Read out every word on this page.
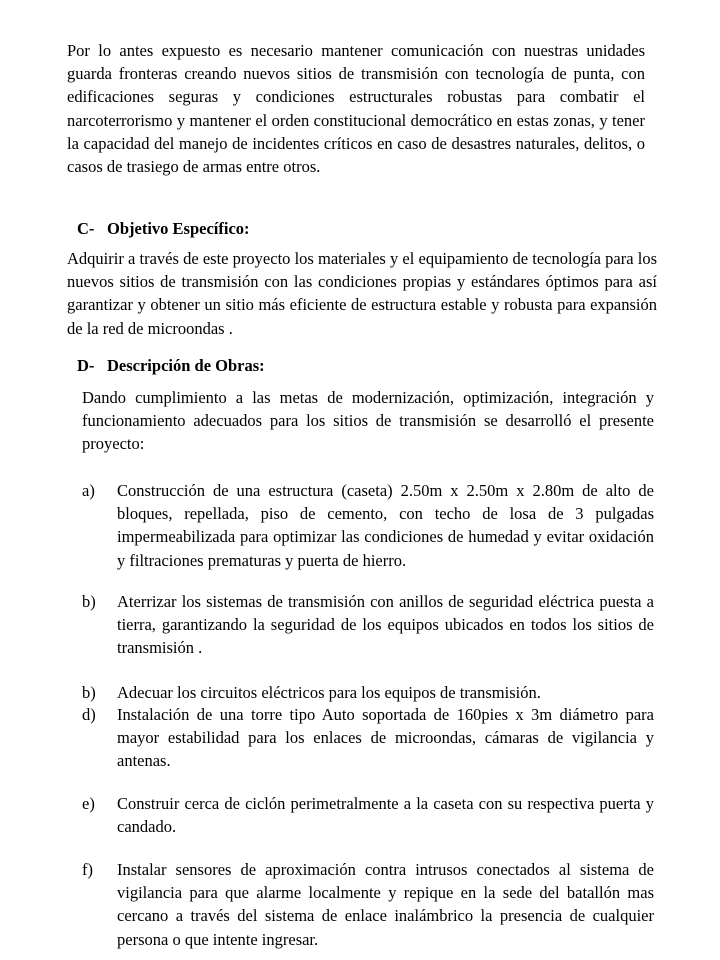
Por lo antes expuesto es necesario mantener comunicación con nuestras unidades guarda fronteras creando nuevos sitios de transmisión con tecnología de punta, con edificaciones seguras y condiciones estructurales robustas para combatir el narcoterrorismo y mantener el orden constitucional democrático en estas zonas, y tener la capacidad del manejo de incidentes críticos en caso de desastres naturales, delitos, o casos de trasiego de armas entre otros.

C- Objetivo Específico:

Adquirir a través de este proyecto los materiales y el equipamiento de tecnología para los nuevos sitios de transmisión con las condiciones propias y estándares óptimos para así garantizar y obtener un sitio más eficiente de estructura estable y robusta para expansión de la red de microondas .

D- Descripción de Obras:

Dando cumplimiento a las metas de modernización, optimización, integración y funcionamiento adecuados para los sitios de transmisión se desarrolló el presente proyecto:

a)	Construcción de una estructura (caseta) 2.50m x 2.50m x 2.80m de alto de bloques, repellada, piso de cemento, con techo de losa de 3 pulgadas impermeabilizada para optimizar las condiciones de humedad y evitar oxidación y filtraciones prematuras y puerta de hierro.
b)	Aterrizar los sistemas de transmisión con anillos de seguridad eléctrica puesta a tierra, garantizando la seguridad de los equipos ubicados en todos los sitios de transmisión .
b)	Adecuar los circuitos eléctricos para los equipos de transmisión.
d)	Instalación de una torre tipo Auto soportada de 160pies x 3m diámetro para mayor estabilidad para los enlaces de microondas, cámaras de vigilancia y antenas.
e)	Construir cerca de ciclón perimetralmente a la caseta con su respectiva puerta y candado.
f)	Instalar sensores de aproximación contra intrusos conectados al sistema de vigilancia para que alarme localmente y repique en la sede del batallón mas cercano a través del sistema de enlace inalámbrico la presencia de cualquier persona o que intente ingresar.
